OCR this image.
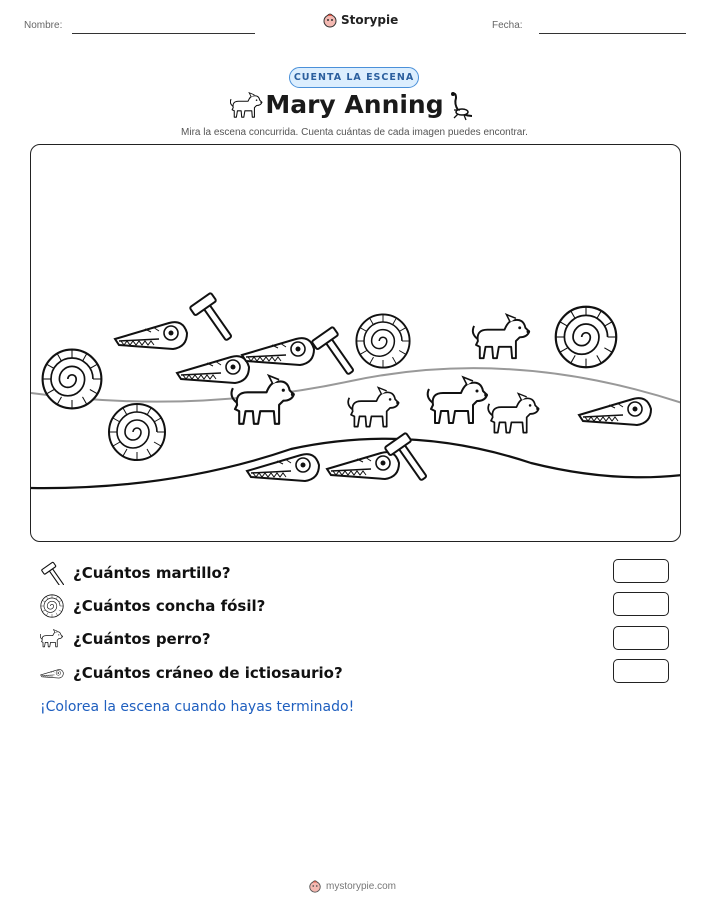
Nombre:	Storypie	Fecha:
CUENTA LA ESCENA
Mary Anning
Mira la escena concurrida. Cuenta cuántas de cada imagen puedes encontrar.
¿Cuántos martillo?
¿Cuántos concha fósil?
¿Cuántos perro?
¿Cuántos cráneo de ictiosaurio?
¡Colorea la escena cuando hayas terminado!
mystorypie.com
